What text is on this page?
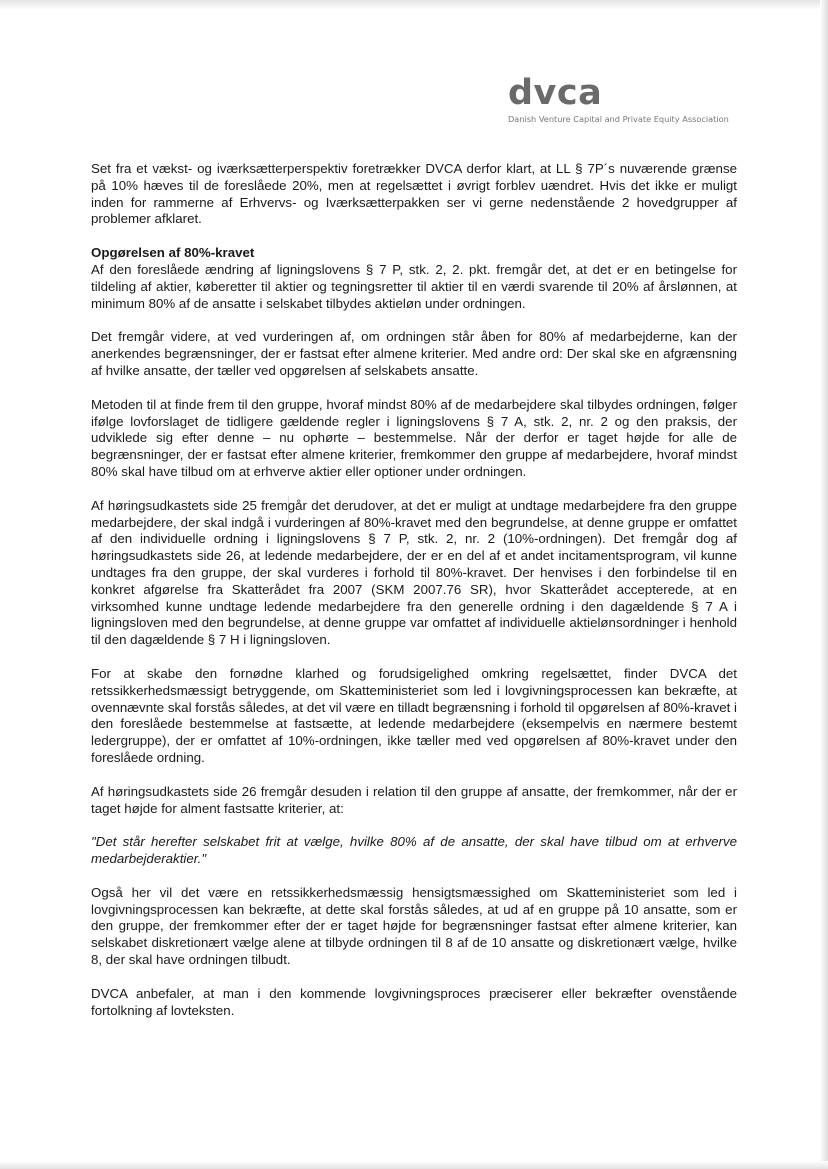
dvca
Danish Venture Capital and Private Equity Association

Set fra et vækst- og iværksætterperspektiv foretrækker DVCA derfor klart, at LL § 7P´s nuværende grænse på 10% hæves til de foreslåede 20%, men at regelsættet i øvrigt forblev uændret. Hvis det ikke er muligt inden for rammerne af Erhvervs- og Iværksætterpakken ser vi gerne nedenstående 2 hovedgrupper af problemer afklaret.

Opgørelsen af 80%-kravet

Af den foreslåede ændring af ligningslovens § 7 P, stk. 2, 2. pkt. fremgår det, at det er en betingelse for tildeling af aktier, køberetter til aktier og tegningsretter til aktier til en værdi svarende til 20% af årslønnen, at minimum 80% af de ansatte i selskabet tilbydes aktieløn under ordningen.

Det fremgår videre, at ved vurderingen af, om ordningen står åben for 80% af medarbejderne, kan der anerkendes begrænsninger, der er fastsat efter almene kriterier. Med andre ord: Der skal ske en afgrænsning af hvilke ansatte, der tæller ved opgørelsen af selskabets ansatte.

Metoden til at finde frem til den gruppe, hvoraf mindst 80% af de medarbejdere skal tilbydes ordningen, følger ifølge lovforslaget de tidligere gældende regler i ligningslovens § 7 A, stk. 2, nr. 2 og den praksis, der udviklede sig efter denne – nu ophørte – bestemmelse. Når der derfor er taget højde for alle de begrænsninger, der er fastsat efter almene kriterier, fremkommer den gruppe af medarbejdere, hvoraf mindst 80% skal have tilbud om at erhverve aktier eller optioner under ordningen.

Af høringsudkastets side 25 fremgår det derudover, at det er muligt at undtage medarbejdere fra den gruppe medarbejdere, der skal indgå i vurderingen af 80%-kravet med den begrundelse, at denne gruppe er omfattet af den individuelle ordning i ligningslovens § 7 P, stk. 2, nr. 2 (10%-ordningen). Det fremgår dog af høringsudkastets side 26, at ledende medarbejdere, der er en del af et andet incitamentsprogram, vil kunne undtages fra den gruppe, der skal vurderes i forhold til 80%-kravet. Der henvises i den forbindelse til en konkret afgørelse fra Skatterådet fra 2007 (SKM 2007.76 SR), hvor Skatterådet accepterede, at en virksomhed kunne undtage ledende medarbejdere fra den generelle ordning i den dagældende § 7 A i ligningsloven med den begrundelse, at denne gruppe var omfattet af individuelle aktielønsordninger i henhold til den dagældende § 7 H i ligningsloven.

For at skabe den fornødne klarhed og forudsigelighed omkring regelsættet, finder DVCA det retssikkerhedsmæssigt betryggende, om Skatteministeriet som led i lovgivningsprocessen kan bekræfte, at ovennævnte skal forstås således, at det vil være en tilladt begrænsning i forhold til opgørelsen af 80%-kravet i den foreslåede bestemmelse at fastsætte, at ledende medarbejdere (eksempelvis en nærmere bestemt ledergruppe), der er omfattet af 10%-ordningen, ikke tæller med ved opgørelsen af 80%-kravet under den foreslåede ordning.

Af høringsudkastets side 26 fremgår desuden i relation til den gruppe af ansatte, der fremkommer, når der er taget højde for alment fastsatte kriterier, at:

"Det står herefter selskabet frit at vælge, hvilke 80% af de ansatte, der skal have tilbud om at erhverve medarbejderaktier."

Også her vil det være en retssikkerhedsmæssig hensigtsmæssighed om Skatteministeriet som led i lovgivningsprocessen kan bekræfte, at dette skal forstås således, at ud af en gruppe på 10 ansatte, som er den gruppe, der fremkommer efter der er taget højde for begrænsninger fastsat efter almene kriterier, kan selskabet diskretionært vælge alene at tilbyde ordningen til 8 af de 10 ansatte og diskretionært vælge, hvilke 8, der skal have ordningen tilbudt.

DVCA anbefaler, at man i den kommende lovgivningsproces præciserer eller bekræfter ovenstående fortolkning af lovteksten.
